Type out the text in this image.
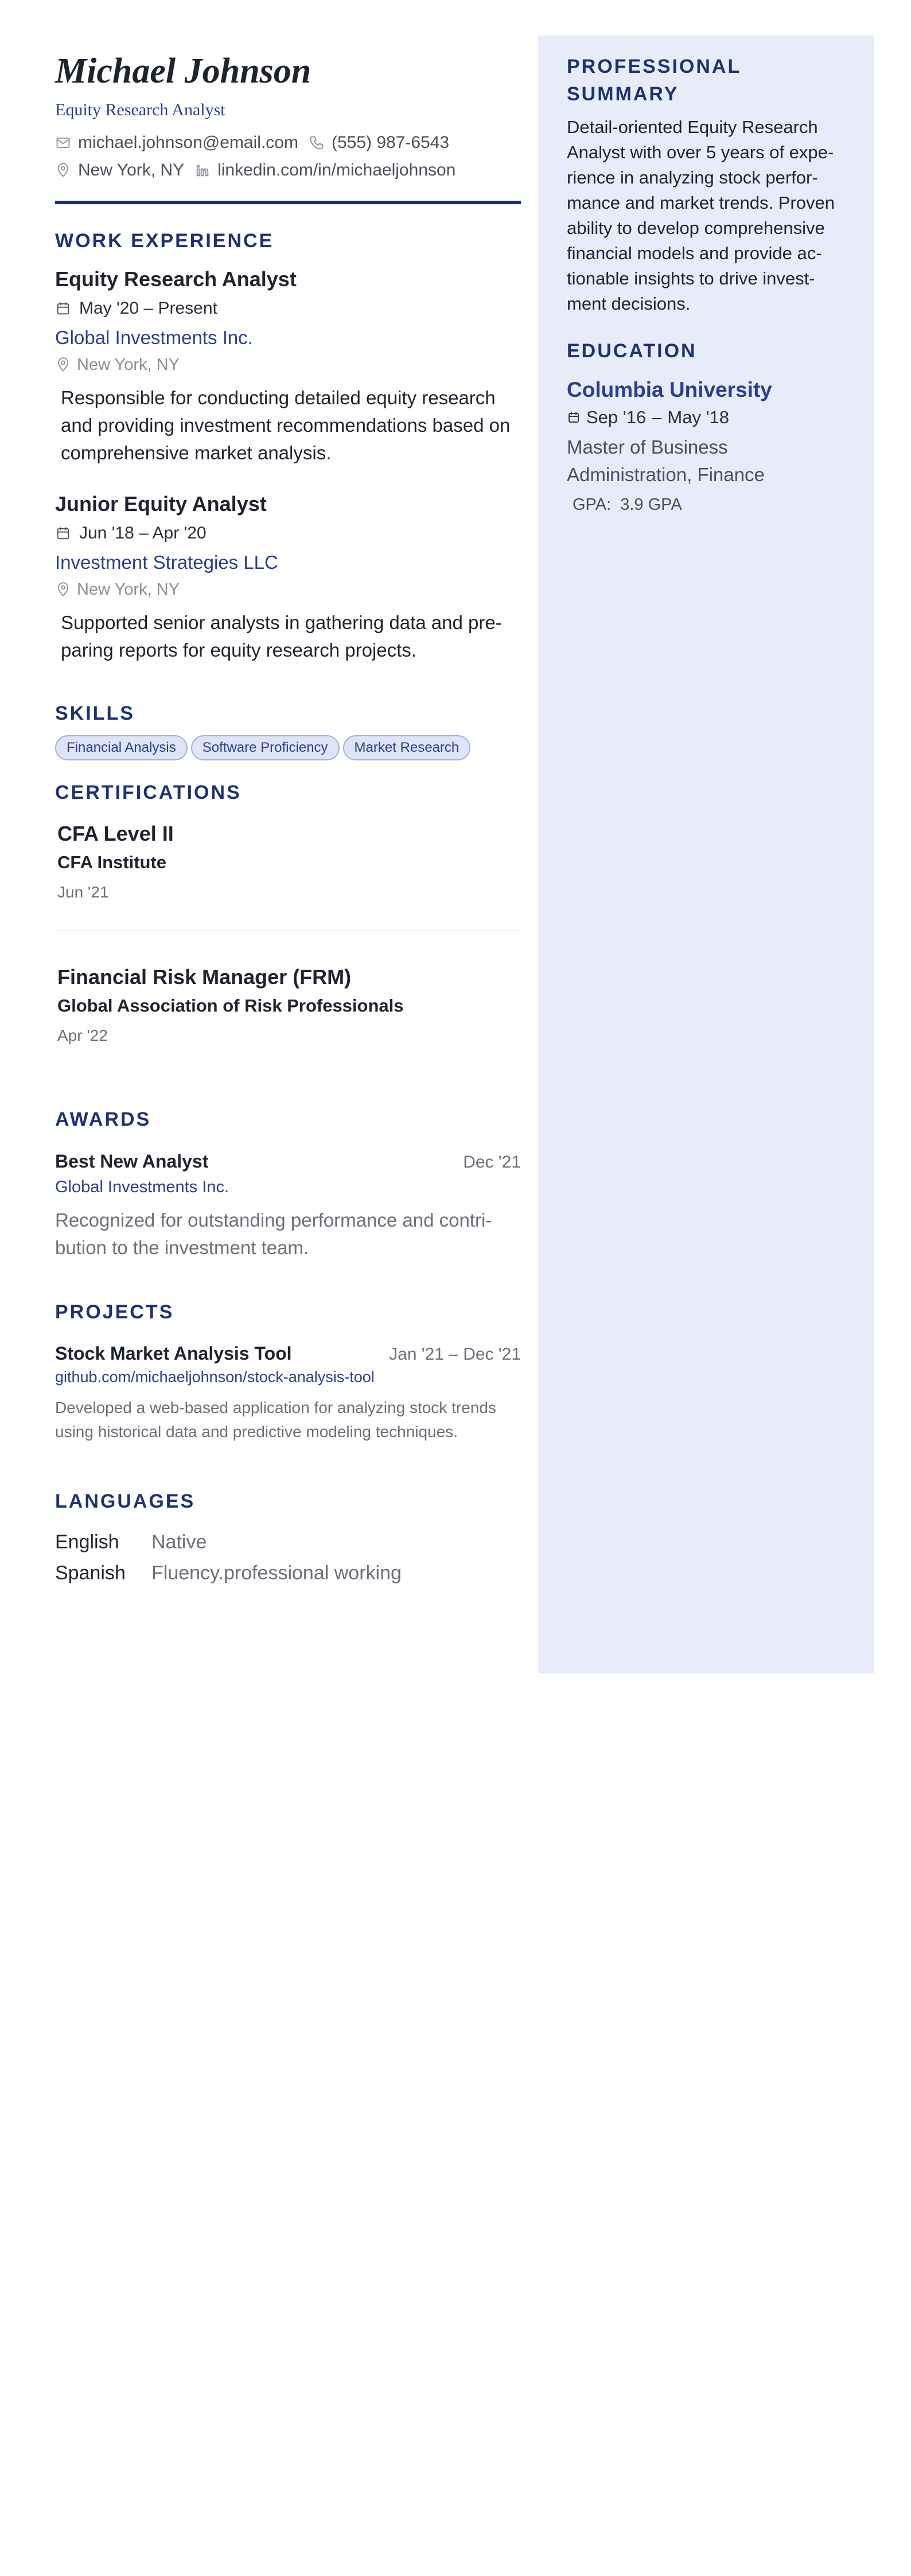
Michael Johnson
Equity Research Analyst
michael.johnson@email.com (555) 987-6543
New York, NY linkedin.com/in/michaeljohnson
WORK EXPERIENCE
Equity Research Analyst
May '20 – Present
Global Investments Inc.
New York, NY
Responsible for conducting detailed equity research and providing investment recommendations based on comprehensive market analysis.
Junior Equity Analyst
Jun '18 – Apr '20
Investment Strategies LLC
New York, NY
Supported senior analysts in gathering data and pre-paring reports for equity research projects.
SKILLS
Financial Analysis Software Proficiency Market Research
CERTIFICATIONS
CFA Level II
CFA Institute
Jun '21
Financial Risk Manager (FRM)
Global Association of Risk Professionals
Apr '22
AWARDS
Best New Analyst	Dec '21
Global Investments Inc.
Recognized for outstanding performance and contri-bution to the investment team.
PROJECTS
Stock Market Analysis Tool	Jan '21 – Dec '21
github.com/michaeljohnson/stock-analysis-tool
Developed a web-based application for analyzing stock trends using historical data and predictive modeling techniques.
LANGUAGES
English	Native
Spanish	Fluency.professional working
PROFESSIONAL SUMMARY
Detail-oriented Equity Research Analyst with over 5 years of expe-rience in analyzing stock perfor-mance and market trends. Proven ability to develop comprehensive financial models and provide ac-tionable insights to drive invest-ment decisions.
EDUCATION
Columbia University
Sep '16 – May '18
Master of Business Administration, Finance
GPA: 3.9 GPA
